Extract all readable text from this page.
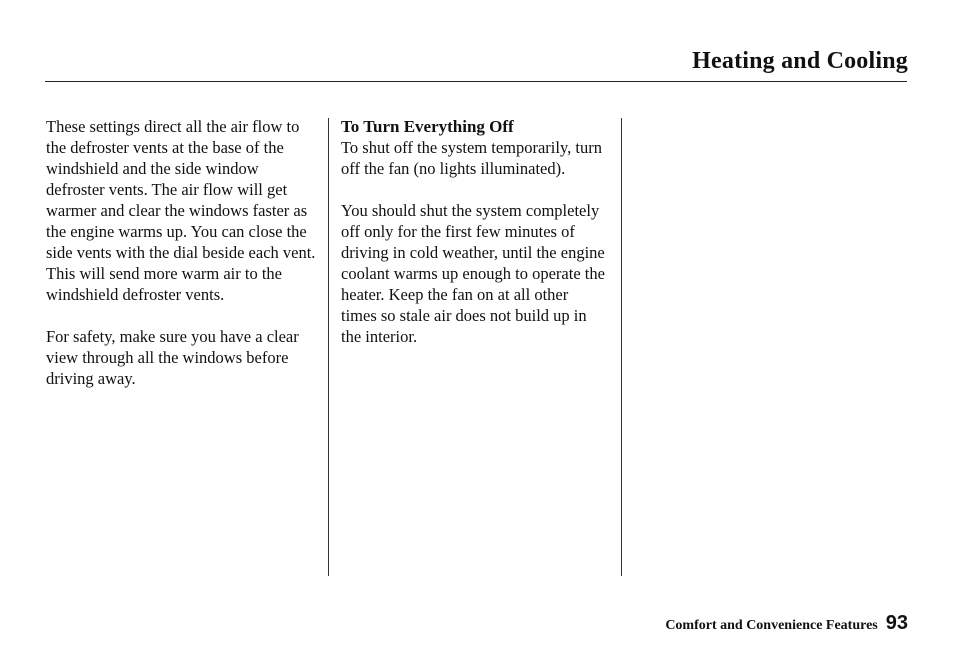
Heating and Cooling

These settings direct all the air flow to the defroster vents at the base of the windshield and the side window defroster vents. The air flow will get warmer and clear the windows faster as the engine warms up. You can close the side vents with the dial beside each vent. This will send more warm air to the windshield defroster vents.

For safety, make sure you have a clear view through all the windows before driving away.

To Turn Everything Off

To shut off the system temporarily, turn off the fan (no lights illuminated).

You should shut the system completely off only for the first few minutes of driving in cold weather, until the engine coolant warms up enough to operate the heater. Keep the fan on at all other times so stale air does not build up in the interior.

Comfort and Convenience Features 93
